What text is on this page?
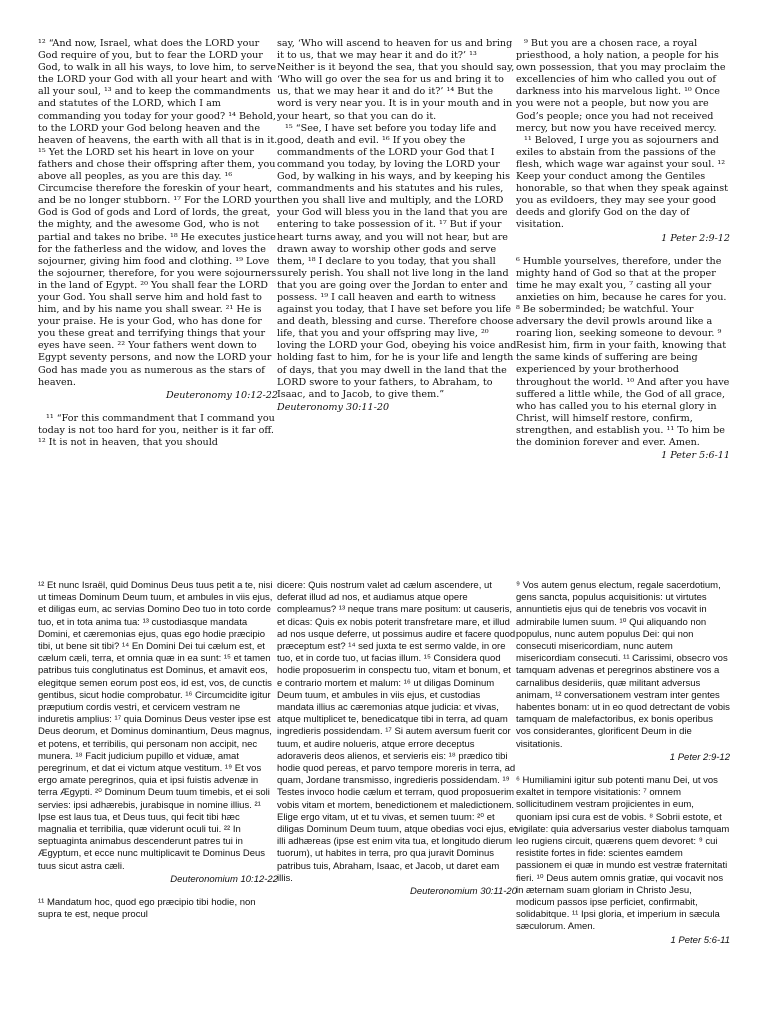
¹² “And now, Israel, what does the LORD your God require of you, but to fear the LORD your God, to walk in all his ways, to love him, to serve the LORD your God with all your heart and with all your soul, ¹³ and to keep the commandments and statutes of the LORD, which I am commanding you today for your good? ¹⁴ Behold, to the LORD your God belong heaven and the heaven of heavens, the earth with all that is in it. ¹⁵ Yet the LORD set his heart in love on your fathers and chose their offspring after them, you above all peoples, as you are this day. ¹⁶ Circumcise therefore the foreskin of your heart, and be no longer stubborn. ¹⁷ For the LORD your God is God of gods and Lord of lords, the great, the mighty, and the awesome God, who is not partial and takes no bribe. ¹⁸ He executes justice for the fatherless and the widow, and loves the sojourner, giving him food and clothing. ¹⁹ Love the sojourner, therefore, for you were sojourners in the land of Egypt. ²⁰ You shall fear the LORD your God. You shall serve him and hold fast to him, and by his name you shall swear. ²¹ He is your praise. He is your God, who has done for you these great and terrifying things that your eyes have seen. ²² Your fathers went down to Egypt seventy persons, and now the LORD your God has made you as numerous as the stars of heaven.

Deuteronomy 10:12-22

¹¹ “For this commandment that I command you today is not too hard for you, neither is it far off. ¹² It is not in heaven, that you should

say, ‘Who will ascend to heaven for us and bring it to us, that we may hear it and do it?’ ¹³ Neither is it beyond the sea, that you should say, ‘Who will go over the sea for us and bring it to us, that we may hear it and do it?’ ¹⁴ But the word is very near you. It is in your mouth and in your heart, so that you can do it.

¹⁵ “See, I have set before you today life and good, death and evil. ¹⁶ If you obey the commandments of the LORD your God that I command you today, by loving the LORD your God, by walking in his ways, and by keeping his commandments and his statutes and his rules, then you shall live and multiply, and the LORD your God will bless you in the land that you are entering to take possession of it. ¹⁷ But if your heart turns away, and you will not hear, but are drawn away to worship other gods and serve them, ¹⁸ I declare to you today, that you shall surely perish. You shall not live long in the land that you are going over the Jordan to enter and possess. ¹⁹ I call heaven and earth to witness against you today, that I have set before you life and death, blessing and curse. Therefore choose life, that you and your offspring may live, ²⁰ loving the LORD your God, obeying his voice and holding fast to him, for he is your life and length of days, that you may dwell in the land that the LORD swore to your fathers, to Abraham, to Isaac, and to Jacob, to give them.”

Deuteronomy 30:11-20

⁹ But you are a chosen race, a royal priesthood, a holy nation, a people for his own possession, that you may proclaim the excellencies of him who called you out of darkness into his marvelous light. ¹⁰ Once you were not a people, but now you are God’s people; once you had not received mercy, but now you have received mercy.

¹¹ Beloved, I urge you as sojourners and exiles to abstain from the passions of the flesh, which wage war against your soul. ¹² Keep your conduct among the Gentiles honorable, so that when they speak against you as evildoers, they may see your good deeds and glorify God on the day of visitation.

1 Peter 2:9-12

⁶ Humble yourselves, therefore, under the mighty hand of God so that at the proper time he may exalt you, ⁷ casting all your anxieties on him, because he cares for you. ⁸ Be soberminded; be watchful. Your adversary the devil prowls around like a roaring lion, seeking someone to devour. ⁹ Resist him, firm in your faith, knowing that the same kinds of suffering are being experienced by your brotherhood throughout the world. ¹⁰ And after you have suffered a little while, the God of all grace, who has called you to his eternal glory in Christ, will himself restore, confirm, strengthen, and establish you. ¹¹ To him be the dominion forever and ever. Amen.

1 Peter 5:6-11

¹² Et nunc Israël, quid Dominus Deus tuus petit a te, nisi ut timeas Dominum Deum tuum, et ambules in viis ejus, et diligas eum, ac servias Domino Deo tuo in toto corde tuo, et in tota anima tua: ¹³ custodiasque mandata Domini, et cæremonias ejus, quas ego hodie præcipio tibi, ut bene sit tibi? ¹⁴ En Domini Dei tui cælum est, et cælum cæli, terra, et omnia quæ in ea sunt: ¹⁵ et tamen patribus tuis conglutinatus est Dominus, et amavit eos, elegitque semen eorum post eos, id est, vos, de cunctis gentibus, sicut hodie comprobatur. ¹⁶ Circumcidite igitur præputium cordis vestri, et cervicem vestram ne induretis amplius: ¹⁷ quia Dominus Deus vester ipse est Deus deorum, et Dominus dominantium, Deus magnus, et potens, et terribilis, qui personam non accipit, nec munera. ¹⁸ Facit judicium pupillo et viduæ, amat peregrinum, et dat ei victum atque vestitum. ¹⁹ Et vos ergo amate peregrinos, quia et ipsi fuistis advenæ in terra Ægypti. ²⁰ Dominum Deum tuum timebis, et ei soli servies: ipsi adhærebis, jurabisque in nomine illius. ²¹ Ipse est laus tua, et Deus tuus, qui fecit tibi hæc magnalia et terribilia, quæ viderunt oculi tui. ²² In septuaginta animabus descenderunt patres tui in Ægyptum, et ecce nunc multiplicavit te Dominus Deus tuus sicut astra cæli.

Deuteronomium 10:12-22

¹¹ Mandatum hoc, quod ego præcipio tibi hodie, non supra te est, neque procul

dicere: Quis nostrum valet ad cælum ascendere, ut deferat illud ad nos, et audiamus atque opere compleamus? ¹³ neque trans mare positum: ut causeris, et dicas: Quis ex nobis poterit transfretare mare, et illud ad nos usque deferre, ut possimus audire et facere quod præceptum est? ¹⁴ sed juxta te est sermo valde, in ore tuo, et in corde tuo, ut facias illum. ¹⁵ Considera quod hodie proposuerim in conspectu tuo, vitam et bonum, et e contrario mortem et malum: ¹⁶ ut diligas Dominum Deum tuum, et ambules in viis ejus, et custodias mandata illius ac cæremonias atque judicia: et vivas, atque multiplicet te, benedicatque tibi in terra, ad quam ingredieris possidendam. ¹⁷ Si autem aversum fuerit cor tuum, et audire nolueris, atque errore deceptus adoraveris deos alienos, et servieris eis: ¹⁸ prædico tibi hodie quod pereas, et parvo tempore moreris in terra, ad quam, Jordane transmisso, ingredieris possidendam. ¹⁹ Testes invoco hodie cælum et terram, quod proposuerim vobis vitam et mortem, benedictionem et maledictionem. Elige ergo vitam, ut et tu vivas, et semen tuum: ²⁰ et diligas Dominum Deum tuum, atque obedias voci ejus, et illi adhæreas (ipse est enim vita tua, et longitudo dierum tuorum), ut habites in terra, pro qua juravit Dominus patribus tuis, Abraham, Isaac, et Jacob, ut daret eam illis.

Deuteronomium 30:11-20

⁹ Vos autem genus electum, regale sacerdotium, gens sancta, populus acquisitionis: ut virtutes annuntietis ejus qui de tenebris vos vocavit in admirabile lumen suum. ¹⁰ Qui aliquando non populus, nunc autem populus Dei: qui non consecuti misericordiam, nunc autem misericordiam consecuti. ¹¹ Carissimi, obsecro vos tamquam advenas et peregrinos abstinere vos a carnalibus desideriis, quæ militant adversus animam, ¹² conversationem vestram inter gentes habentes bonam: ut in eo quod detrectant de vobis tamquam de malefactoribus, ex bonis operibus vos considerantes, glorificent Deum in die visitationis.

1 Peter 2:9-12

⁶ Humiliamini igitur sub potenti manu Dei, ut vos exaltet in tempore visitationis: ⁷ omnem sollicitudinem vestram projicientes in eum, quoniam ipsi cura est de vobis. ⁸ Sobrii estote, et vigilate: quia adversarius vester diabolus tamquam leo rugiens circuit, quærens quem devoret: ⁹ cui resistite fortes in fide: scientes eamdem passionem ei quæ in mundo est vestræ fraternitati fieri. ¹⁰ Deus autem omnis gratiæ, qui vocavit nos in æternam suam gloriam in Christo Jesu, modicum passos ipse perficiet, confirmabit, solidabitque. ¹¹ Ipsi gloria, et imperium in sæcula sæculorum. Amen.

1 Peter 5:6-11
